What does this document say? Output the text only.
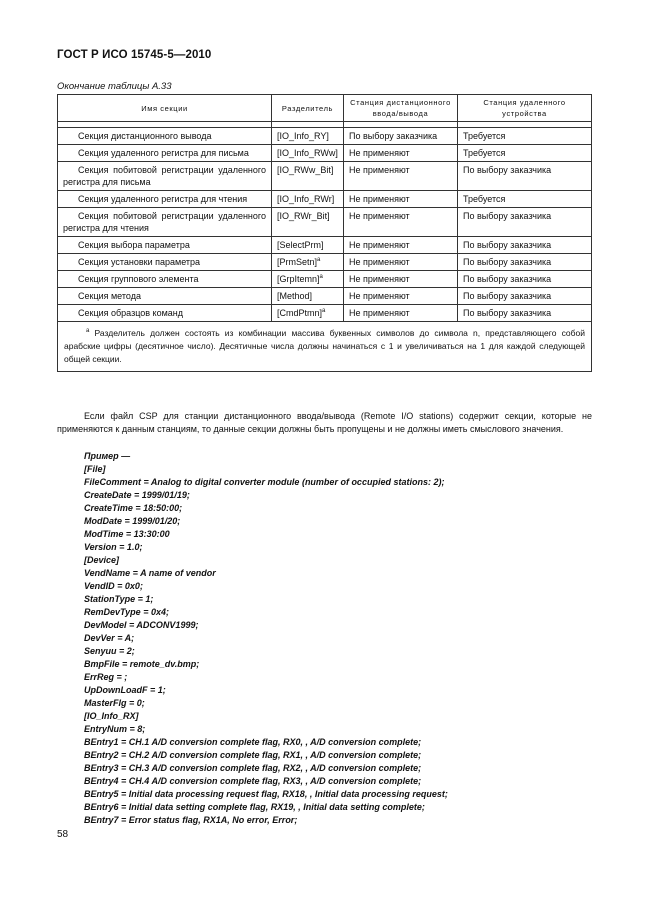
ГОСТ Р ИСО 15745-5—2010
Окончание таблицы А.33
Имя секции	Разделитель	Станция дистанционного ввода/вывода	Станция удаленного устройства

Секция дистанционного вывода	[IO_Info_RY]	По выбору заказчика	Требуется
Секция удаленного регистра для письма	[IO_Info_RWw]	Не применяют	Требуется
Секция побитовой регистрации удаленного регистра для письма	[IO_RWw_Bit]	Не применяют	По выбору заказчика
Секция удаленного регистра для чтения	[IO_Info_RWr]	Не применяют	Требуется
Секция побитовой регистрации удаленного регистра для чтения	[IO_RWr_Bit]	Не применяют	По выбору заказчика
Секция выбора параметра	[SelectPrm]	Не применяют	По выбору заказчика
Секция установки параметра	[PrmSetn]$^a$	Не применяют	По выбору заказчика
Секция группового элемента	[GrpItemn]$^a$	Не применяют	По выбору заказчика
Секция метода	[Method]	Не применяют	По выбору заказчика
Секция образцов команд	[CmdPtmn]$^a$	Не применяют	По выбору заказчика
$^a$ Разделитель должен состоять из комбинации массива буквенных символов до символа n, представляющего собой арабские цифры (десятичное число). Десятичные числа должны начинаться с 1 и увеличиваться на 1 для каждой следующей общей секции.			
Если файл CSP для станции дистанционного ввода/вывода (Remote I/O stations) содержит секции, которые не применяются к данным станциям, то данные секции должны быть пропущены и не должны иметь смыслового значения.
Пример —
[File]
FileComment = Analog to digital converter module (number of occupied stations: 2);
CreateDate = 1999/01/19;
CreateTime = 18:50:00;
ModDate = 1999/01/20;
ModTime = 13:30:00
Version = 1.0;
[Device]
VendName = A name of vendor
VendID = 0x0;
StationType = 1;
RemDevType = 0x4;
DevModel = ADCONV1999;
DevVer = A;
Senyuu = 2;
BmpFile = remote_dv.bmp;
ErrReg = ;
UpDownLoadF = 1;
MasterFlg = 0;
[IO_Info_RX]
EntryNum = 8;
BEntry1 = CH.1 A/D conversion complete flag, RX0, , A/D conversion complete;
BEntry2 = CH.2 A/D conversion complete flag, RX1, , A/D conversion complete;
BEntry3 = CH.3 A/D conversion complete flag, RX2, , A/D conversion complete;
BEntry4 = CH.4 A/D conversion complete flag, RX3, , A/D conversion complete;
BEntry5 = Initial data processing request flag, RX18, , Initial data processing request;
BEntry6 = Initial data setting complete flag, RX19, , Initial data setting complete;
BEntry7 = Error status flag, RX1A, No error, Error;
58
